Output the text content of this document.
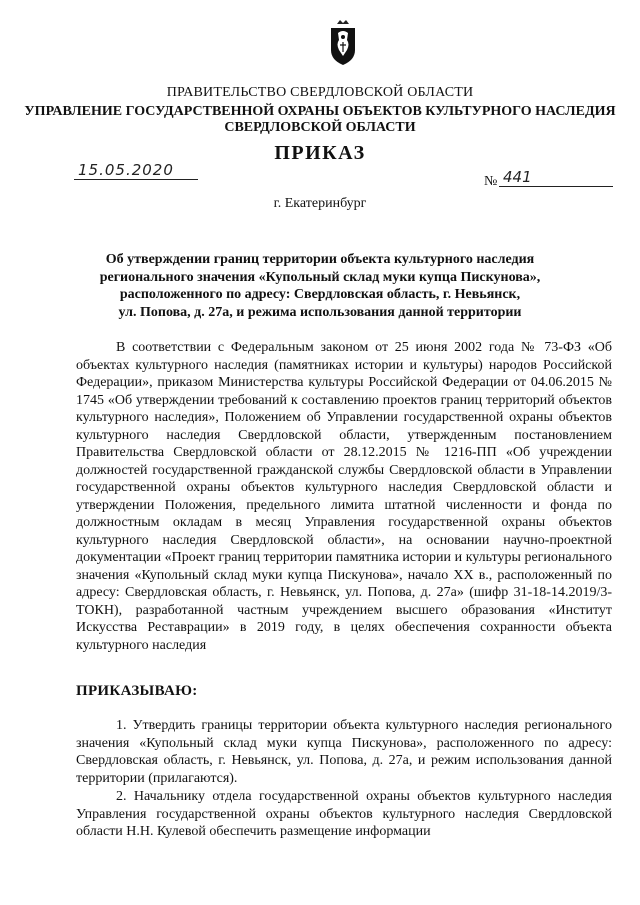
ПРАВИТЕЛЬСТВО СВЕРДЛОВСКОЙ ОБЛАСТИ
УПРАВЛЕНИЕ ГОСУДАРСТВЕННОЙ ОХРАНЫ ОБЪЕКТОВ КУЛЬТУРНОГО НАСЛЕДИЯ
СВЕРДЛОВСКОЙ ОБЛАСТИ
ПРИКАЗ
15.05.2020
№ 441
г. Екатеринбург
Об утверждении границ территории объекта культурного наследия
регионального значения «Купольный склад муки купца Пискунова»,
расположенного по адресу: Свердловская область, г. Невьянск,
ул. Попова, д. 27а, и режима использования данной территории
В соответствии с Федеральным законом от 25 июня 2002 года № 73-ФЗ «Об объектах культурного наследия (памятниках истории и культуры) народов Российской Федерации», приказом Министерства культуры Российской Федерации от 04.06.2015 № 1745 «Об утверждении требований к составлению проектов границ территорий объектов культурного наследия», Положением об Управлении государственной охраны объектов культурного наследия Свердловской области, утвержденным постановлением Правительства Свердловской области от 28.12.2015 № 1216-ПП «Об учреждении должностей государственной гражданской службы Свердловской области в Управлении государственной охраны объектов культурного наследия Свердловской области и утверждении Положения, предельного лимита штатной численности и фонда по должностным окладам в месяц Управления государственной охраны объектов культурного наследия Свердловской области», на основании научно-проектной документации «Проект границ территории памятника истории и культуры регионального значения «Купольный склад муки купца Пискунова», начало XX в., расположенный по адресу: Свердловская область, г. Невьянск, ул. Попова, д. 27а» (шифр 31-18-14.2019/3-ТОКН), разработанной частным учреждением высшего образования «Институт Искусства Реставрации» в 2019 году, в целях обеспечения сохранности объекта культурного наследия
ПРИКАЗЫВАЮ:
1. Утвердить границы территории объекта культурного наследия регионального значения «Купольный склад муки купца Пискунова», расположенного по адресу: Свердловская область, г. Невьянск, ул. Попова, д. 27а, и режим использования данной территории (прилагаются).
2. Начальнику отдела государственной охраны объектов культурного наследия Управления государственной охраны объектов культурного наследия Свердловской области Н.Н. Кулевой обеспечить размещение информации
